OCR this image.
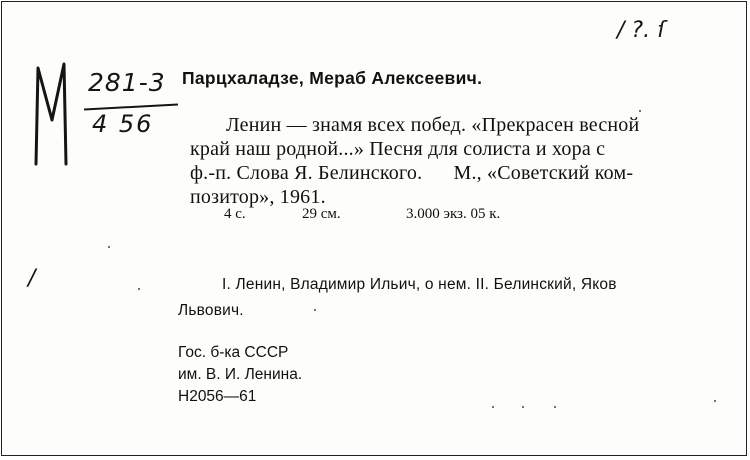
281-3
4 56
/ ?. ſ
/
Парцхаладзе, Мераб Алексеевич.
Ленин — знамя всех побед. «Прекрасен весной
край наш родной...» Песня для солиста и хора с
ф.-п. Слова Я. Белинского.      М., «Советский ком-
позитор», 1961.
4 с.	29 см.	3.000 экз. 05 к.
I. Ленин, Владимир Ильич, о нем. II. Белинский, Яков
Львович.
Гос. б-ка СССР
им. В. И. Ленина.
Н2056—61
